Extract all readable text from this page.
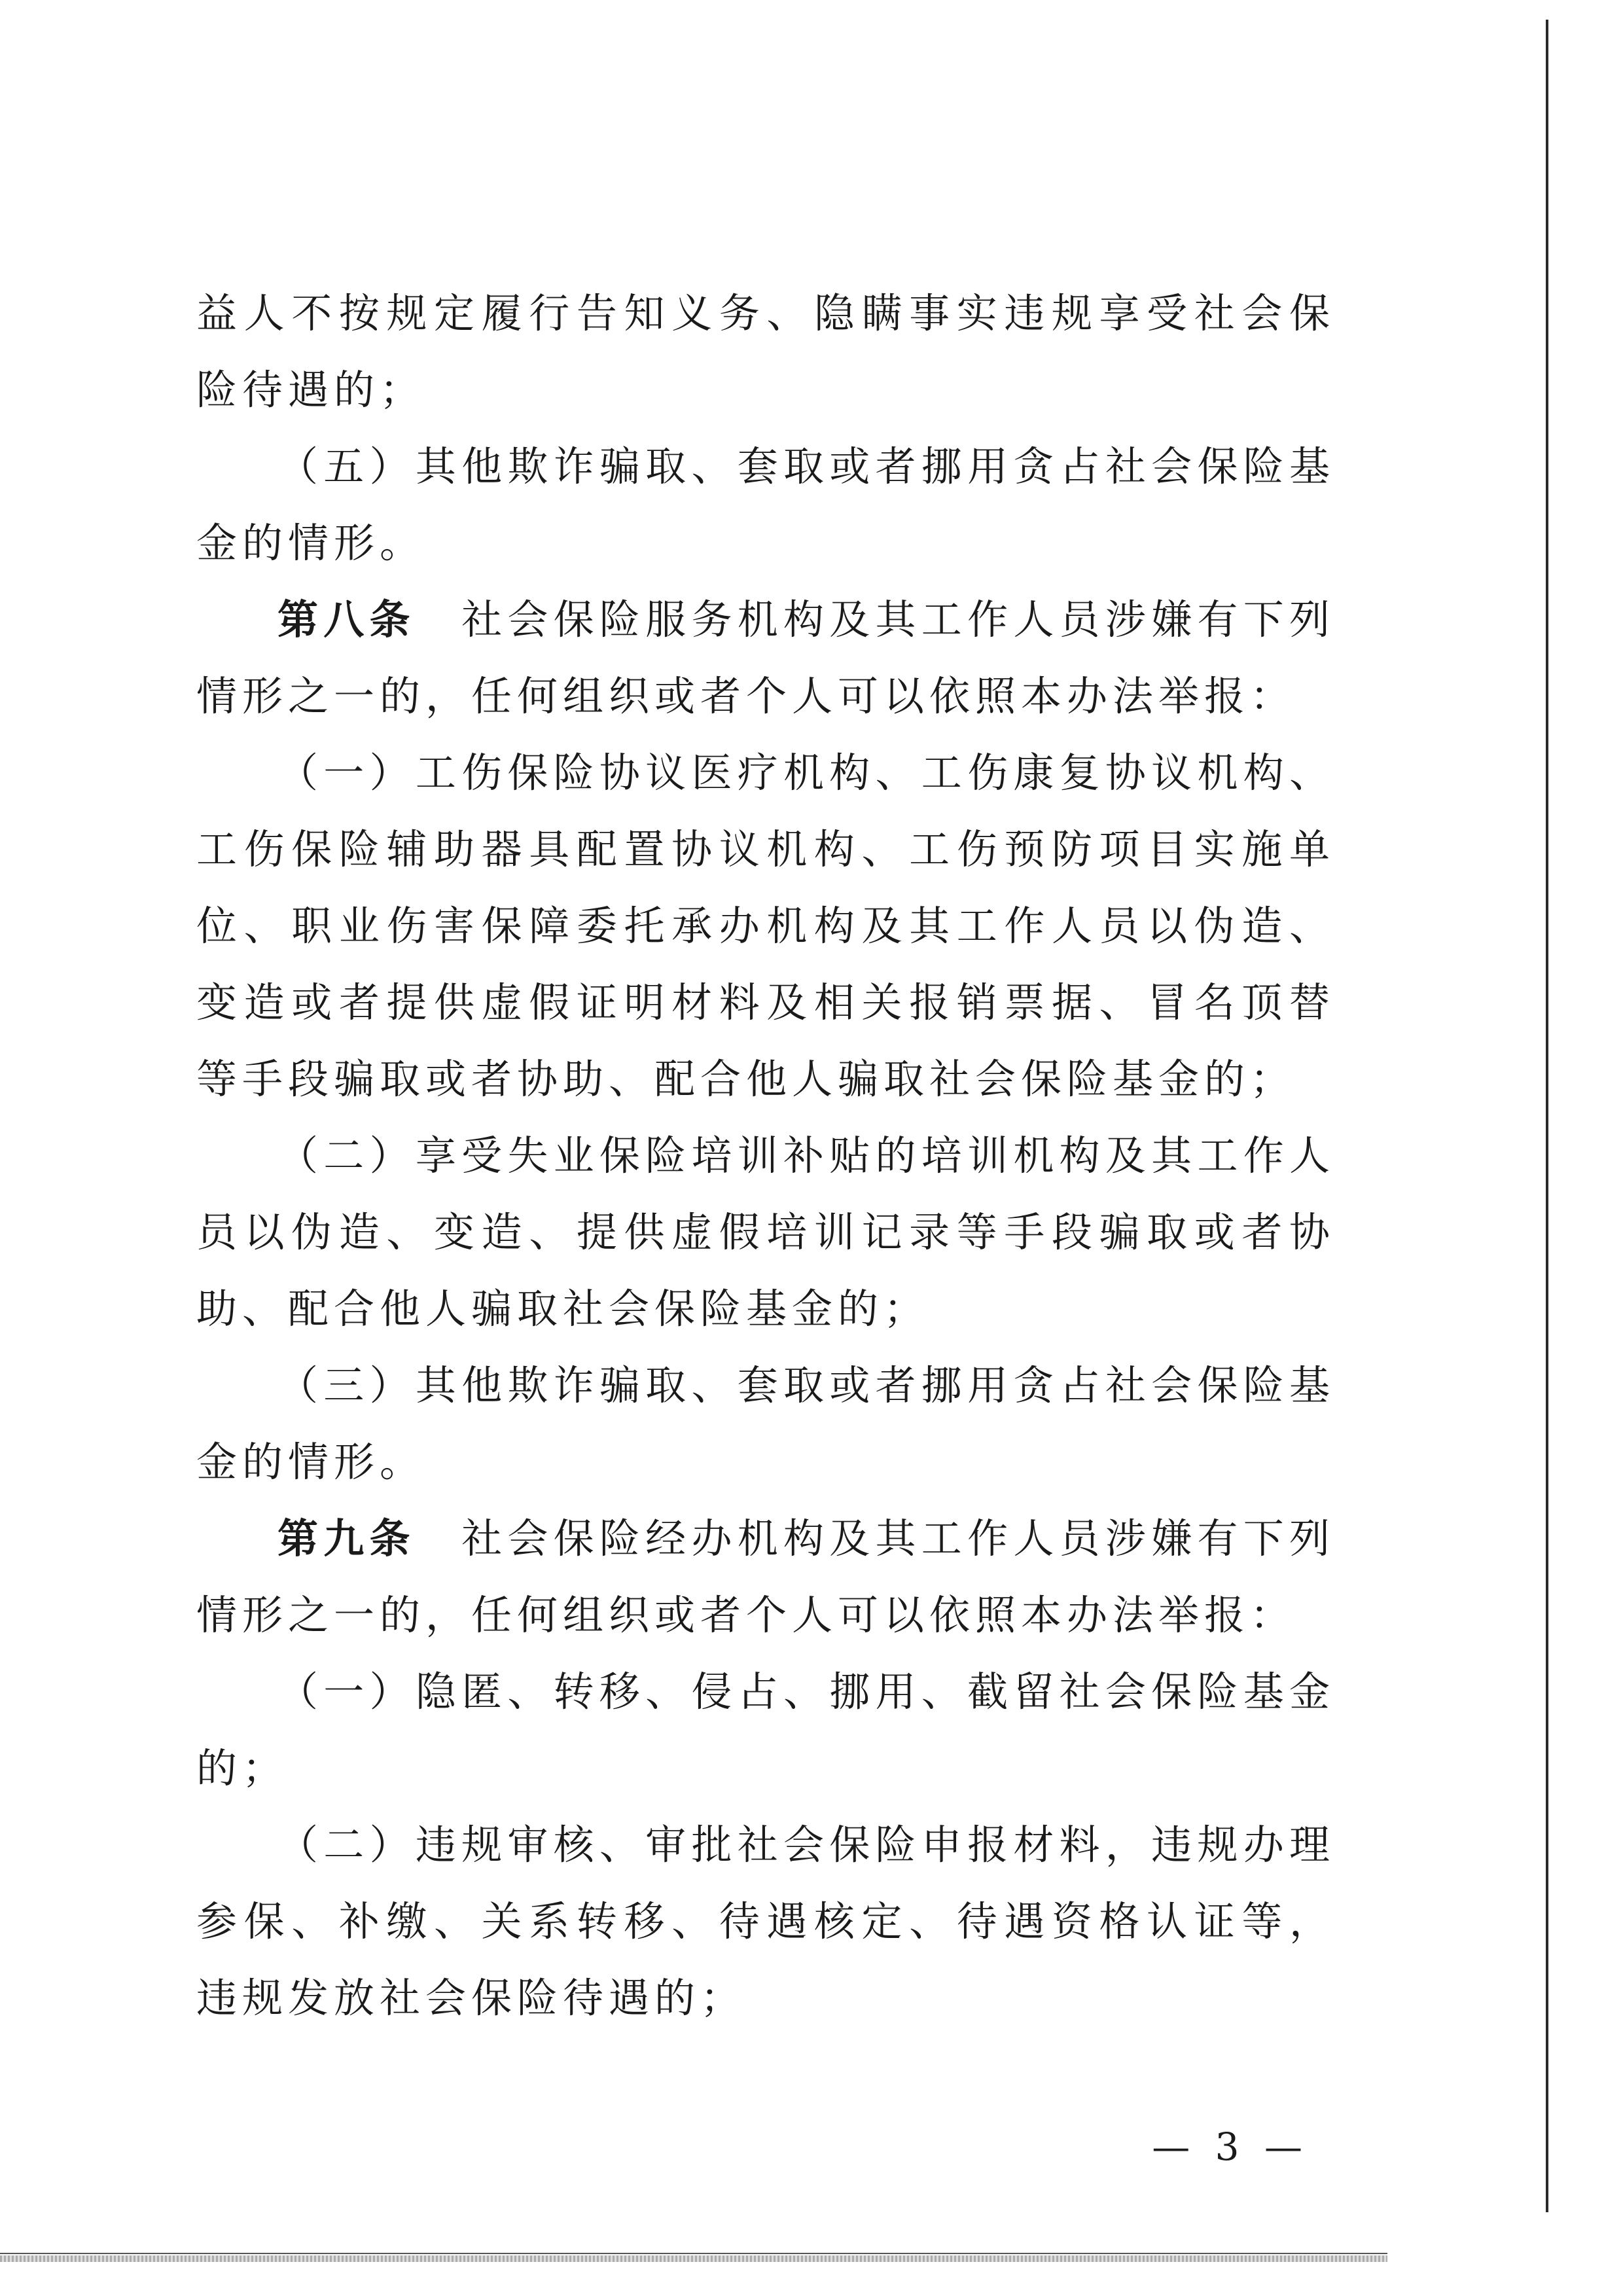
益人不按规定履行告知义务、隐瞒事实违规享受社会保险待遇的；

（五）其他欺诈骗取、套取或者挪用贪占社会保险基金的情形。

第八条　 社会保险服务机构及其工作人员涉嫌有下列情形之一的，任何组织或者个人可以依照本办法举报：

（一）工伤保险协议医疗机构、工伤康复协议机构、工伤保险辅助器具配置协议机构、工伤预防项目实施单位、职业伤害保障委托承办机构及其工作人员以伪造、变造或者提供虚假证明材料及相关报销票据、冒名顶替等手段骗取或者协助、配合他人骗取社会保险基金的；

（二）享受失业保险培训补贴的培训机构及其工作人员以伪造、变造、提供虚假培训记录等手段骗取或者协助、配合他人骗取社会保险基金的；

（三）其他欺诈骗取、套取或者挪用贪占社会保险基金的情形。

第九条　 社会保险经办机构及其工作人员涉嫌有下列情形之一的，任何组织或者个人可以依照本办法举报：

（一）隐匿、转移、侵占、挪用、截留社会保险基金的；

（二）违规审核、审批社会保险申报材料，违规办理参保、补缴、关系转移、待遇核定、待遇资格认证等，违规发放社会保险待遇的；

— 3 —
